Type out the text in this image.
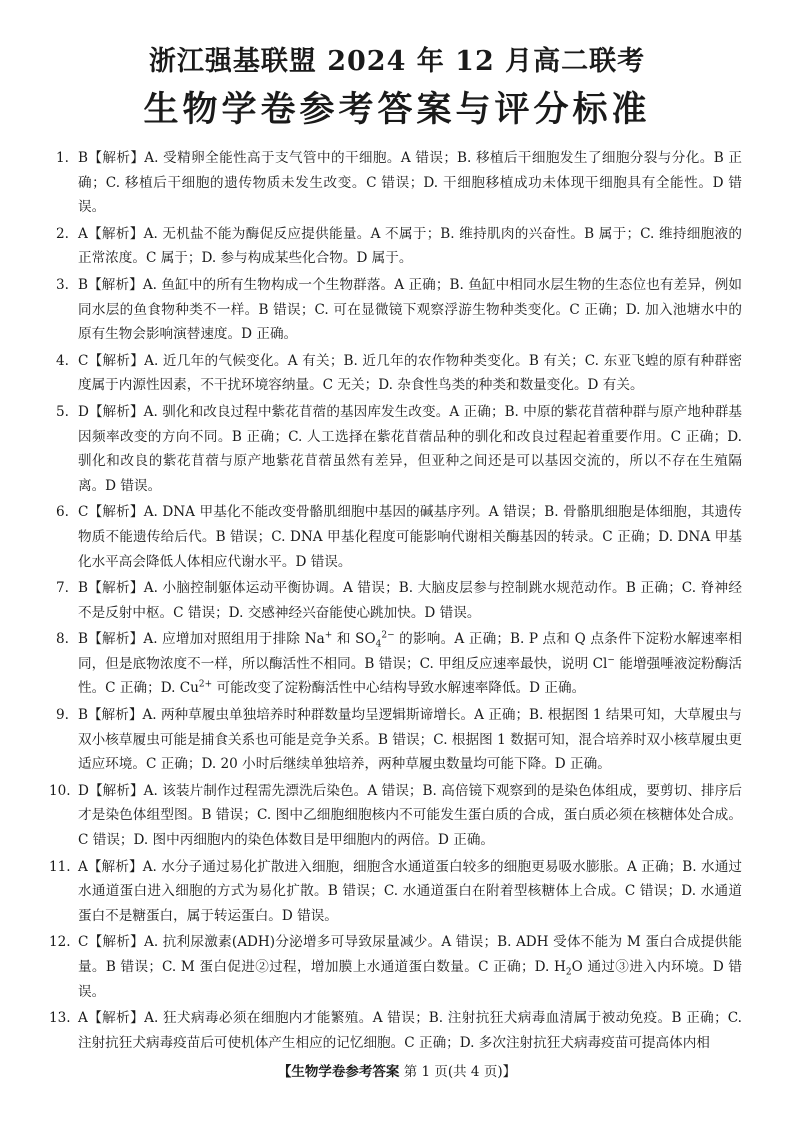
浙江强基联盟 2024 年 12 月高二联考
生物学卷参考答案与评分标准
1. B【解析】A. 受精卵全能性高于支气管中的干细胞。A 错误；B. 移植后干细胞发生了细胞分裂与分化。B 正确；C. 移植后干细胞的遗传物质未发生改变。C 错误；D. 干细胞移植成功未体现干细胞具有全能性。D 错误。
2. A【解析】A. 无机盐不能为酶促反应提供能量。A 不属于；B. 维持肌肉的兴奋性。B 属于；C. 维持细胞液的正常浓度。C 属于；D. 参与构成某些化合物。D 属于。
3. B【解析】A. 鱼缸中的所有生物构成一个生物群落。A 正确；B. 鱼缸中相同水层生物的生态位也有差异，例如同水层的鱼食物种类不一样。B 错误；C. 可在显微镜下观察浮游生物种类变化。C 正确；D. 加入池塘水中的原有生物会影响演替速度。D 正确。
4. C【解析】A. 近几年的气候变化。A 有关；B. 近几年的农作物种类变化。B 有关；C. 东亚飞蝗的原有种群密度属于内源性因素，不干扰环境容纳量。C 无关；D. 杂食性鸟类的种类和数量变化。D 有关。
5. D【解析】A. 驯化和改良过程中紫花苜蓿的基因库发生改变。A 正确；B. 中原的紫花苜蓿种群与原产地种群基因频率改变的方向不同。B 正确；C. 人工选择在紫花苜蓿品种的驯化和改良过程起着重要作用。C 正确；D. 驯化和改良的紫花苜蓿与原产地紫花苜蓿虽然有差异，但亚种之间还是可以基因交流的，所以不存在生殖隔离。D 错误。
6. C【解析】A. DNA 甲基化不能改变骨骼肌细胞中基因的碱基序列。A 错误；B. 骨骼肌细胞是体细胞，其遗传物质不能遗传给后代。B 错误；C. DNA 甲基化程度可能影响代谢相关酶基因的转录。C 正确；D. DNA 甲基化水平高会降低人体相应代谢水平。D 错误。
7. B【解析】A. 小脑控制躯体运动平衡协调。A 错误；B. 大脑皮层参与控制跳水规范动作。B 正确；C. 脊神经不是反射中枢。C 错误；D. 交感神经兴奋能使心跳加快。D 错误。
8. B【解析】A. 应增加对照组用于排除 Na+ 和 $SO_4^{2-}$ 的影响。A 正确；B. P 点和 Q 点条件下淀粉水解速率相同，但是底物浓度不一样，所以酶活性不相同。B 错误；C. 甲组反应速率最快，说明 Cl− 能增强唾液淀粉酶活性。C 正确；D. $Cu^{2+}$ 可能改变了淀粉酶活性中心结构导致水解速率降低。D 正确。
9. B【解析】A. 两种草履虫单独培养时种群数量均呈逻辑斯谛增长。A 正确；B. 根据图 1 结果可知，大草履虫与双小核草履虫可能是捕食关系也可能是竞争关系。B 错误；C. 根据图 1 数据可知，混合培养时双小核草履虫更适应环境。C 正确；D. 20 小时后继续单独培养，两种草履虫数量均可能下降。D 正确。
10. D【解析】A. 该装片制作过程需先漂洗后染色。A 错误；B. 高倍镜下观察到的是染色体组成，要剪切、排序后才是染色体组型图。B 错误；C. 图中乙细胞细胞核内不可能发生蛋白质的合成，蛋白质必须在核糖体处合成。C 错误；D. 图中丙细胞内的染色体数目是甲细胞内的两倍。D 正确。
11. A【解析】A. 水分子通过易化扩散进入细胞，细胞含水通道蛋白较多的细胞更易吸水膨胀。A 正确；B. 水通过水通道蛋白进入细胞的方式为易化扩散。B 错误；C. 水通道蛋白在附着型核糖体上合成。C 错误；D. 水通道蛋白不是糖蛋白，属于转运蛋白。D 错误。
12. C【解析】A. 抗利尿激素(ADH)分泌增多可导致尿量减少。A 错误；B. ADH 受体不能为 M 蛋白合成提供能量。B 错误；C. M 蛋白促进②过程，增加膜上水通道蛋白数量。C 正确；D. $H_2O$ 通过③进入内环境。D 错误。
13. A【解析】A. 狂犬病毒必须在细胞内才能繁殖。A 错误；B. 注射抗狂犬病毒血清属于被动免疫。B 正确；C. 注射抗狂犬病毒疫苗后可使机体产生相应的记忆细胞。C 正确；D. 多次注射抗狂犬病毒疫苗可提高体内相
【生物学卷参考答案 第 1 页(共 4 页)】
